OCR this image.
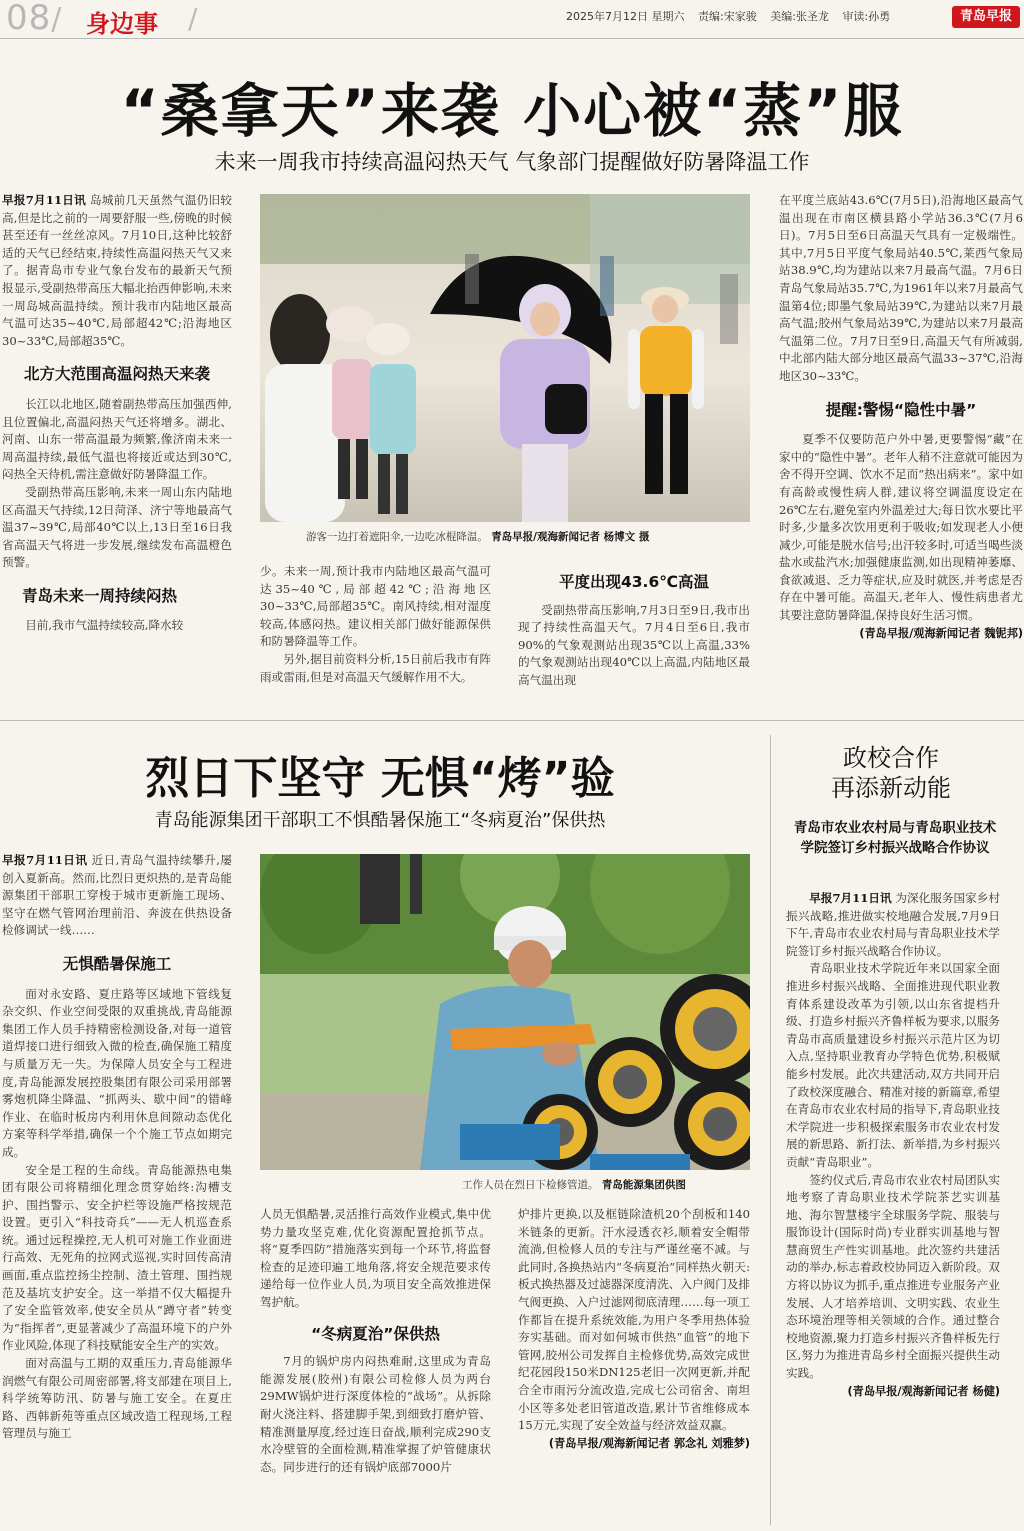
08/ 身边事 /	2025年7月12日 星期六 责编:宋家骏 美编:张圣龙 审读:孙勇	青岛早报
“桑拿天”来袭 小心被“蒸”服
未来一周我市持续高温闷热天气 气象部门提醒做好防暑降温工作

早报7月11日讯 岛城前几天虽然气温仍旧较高,但是比之前的一周要舒服一些,傍晚的时候甚至还有一丝丝凉风。7月10日,这种比较舒适的天气已经结束,持续性高温闷热天气又来了。据青岛市专业气象台发布的最新天气预报显示,受副热带高压大幅北抬西伸影响,未来一周岛城高温持续。预计我市内陆地区最高气温可达35~40℃,局部超42℃;沿海地区30~33℃,局部超35℃。

北方大范围高温闷热天来袭

长江以北地区,随着副热带高压加强西伸,且位置偏北,高温闷热天气还将增多。湖北、河南、山东一带高温最为频繁,像济南未来一周高温持续,最低气温也将接近或达到30℃,闷热全天待机,需注意做好防暑降温工作。

受副热带高压影响,未来一周山东内陆地区高温天气持续,12日菏泽、济宁等地最高气温37~39℃,局部40℃以上,13日至16日我省高温天气将进一步发展,继续发布高温橙色预警。

青岛未来一周持续闷热

目前,我市气温持续较高,降水较

游客一边打着遮阳伞,一边吃冰棍降温。 青岛早报/观海新闻记者 杨博文 摄

少。未来一周,预计我市内陆地区最高气温可达35~40℃,局部超42℃;沿海地区30~33℃,局部超35℃。南风持续,相对湿度较高,体感闷热。建议相关部门做好能源保供和防暑降温等工作。

另外,据目前资料分析,15日前后我市有阵雨或雷雨,但是对高温天气缓解作用不大。

平度出现43.6℃高温

受副热带高压影响,7月3日至9日,我市出现了持续性高温天气。7月4日至6日,我市90%的气象观测站出现35℃以上高温,33%的气象观测站出现40℃以上高温,内陆地区最高气温出现

在平度兰底站43.6℃(7月5日),沿海地区最高气温出现在市南区横县路小学站36.3℃(7月6日)。7月5日至6日高温天气具有一定极端性。其中,7月5日平度气象局站40.5℃,莱西气象局站38.9℃,均为建站以来7月最高气温。7月6日青岛气象局站35.7℃,为1961年以来7月最高气温第4位;即墨气象局站39℃,为建站以来7月最高气温;胶州气象局站39℃,为建站以来7月最高气温第二位。7月7日至9日,高温天气有所减弱,中北部内陆大部分地区最高气温33~37℃,沿海地区30~33℃。

提醒:警惕“隐性中暑”

夏季不仅要防范户外中暑,更要警惕“藏”在家中的“隐性中暑”。老年人稍不注意就可能因为舍不得开空调、饮水不足而“热出病来”。家中如有高龄或慢性病人群,建议将空调温度设定在26℃左右,避免室内外温差过大;每日饮水要比平时多,少量多次饮用更利于吸收;如发现老人小便减少,可能是脱水信号;出汗较多时,可适当喝些淡盐水或盐汽水;加强健康监测,如出现精神萎靡、食欲减退、乏力等症状,应及时就医,并考虑是否存在中暑可能。高温天,老年人、慢性病患者尤其要注意防暑降温,保持良好生活习惯。

(青岛早报/观海新闻记者 魏铌邦)
烈日下坚守 无惧“烤”验
青岛能源集团干部职工不惧酷暑保施工“冬病夏治”保供热

早报7月11日讯 近日,青岛气温持续攀升,屡创入夏新高。然而,比烈日更炽热的,是青岛能源集团干部职工穿梭于城市更新施工现场、坚守在燃气管网治理前沿、奔波在供热设备检修调试一线……

无惧酷暑保施工

面对永安路、夏庄路等区域地下管线复杂交织、作业空间受限的双重挑战,青岛能源集团工作人员手持精密检测设备,对每一道管道焊接口进行细致入微的检查,确保施工精度与质量万无一失。为保障人员安全与工程进度,青岛能源发展控股集团有限公司采用部署雾炮机降尘降温、“抓两头、歇中间”的错峰作业、在临时板房内利用休息间隙动态优化方案等科学举措,确保一个个施工节点如期完成。

安全是工程的生命线。青岛能源热电集团有限公司将精细化理念贯穿始终:沟槽支护、围挡警示、安全护栏等设施严格按规范设置。更引入“科技奇兵”——无人机巡查系统。通过远程操控,无人机可对施工作业面进行高效、无死角的拉网式巡视,实时回传高清画面,重点监控扬尘控制、渣土管理、围挡规范及基坑支护安全。这一举措不仅大幅提升了安全监管效率,使安全员从“蹲守者”转变为“指挥者”,更显著减少了高温环境下的户外作业风险,体现了科技赋能安全生产的实效。

面对高温与工期的双重压力,青岛能源华润燃气有限公司周密部署,将支部建在项目上,科学统筹防汛、防暑与施工安全。在夏庄路、西韩新苑等重点区域改造工程现场,工程管理员与施工

工作人员在烈日下检修管道。 青岛能源集团供图

人员无惧酷暑,灵活推行高效作业模式,集中优势力量攻坚克难,优化资源配置抢抓节点。将“夏季四防”措施落实到每一个环节,将监督检查的足迹印遍工地角落,将安全规范要求传递给每一位作业人员,为项目安全高效推进保驾护航。

“冬病夏治”保供热

7月的锅炉房内闷热难耐,这里成为青岛能源发展(胶州)有限公司检修人员为两台29MW锅炉进行深度体检的“战场”。从拆除耐火浇注料、搭建脚手架,到细致打磨炉管、精准测量厚度,经过连日奋战,顺利完成290支水冷壁管的全面检测,精准掌握了炉管健康状态。同步进行的还有锅炉底部7000片

炉排片更换,以及框链除渣机20个刮板和140米链条的更新。汗水浸透衣衫,顺着安全帽带流淌,但检修人员的专注与严谨丝毫不减。与此同时,各换热站内“冬病夏治”同样热火朝天:板式换热器及过滤器深度清洗、入户阀门及排气阀更换、入户过滤网彻底清理……每一项工作都旨在提升系统效能,为用户冬季用热体验夯实基础。而对如何城市供热“血管”的地下管网,胶州公司发挥自主检修优势,高效完成世纪花园段150米DN125老旧一次网更新,并配合全市雨污分流改造,完成七公司宿舍、南坦小区等多处老旧管道改造,累计节省维修成本15万元,实现了安全效益与经济效益双赢。

(青岛早报/观海新闻记者 郭念礼 刘雅梦)
政校合作
再添新动能
青岛市农业农村局与青岛职业技术学院签订乡村振兴战略合作协议

早报7月11日讯 为深化服务国家乡村振兴战略,推进做实校地融合发展,7月9日下午,青岛市农业农村局与青岛职业技术学院签订乡村振兴战略合作协议。

青岛职业技术学院近年来以国家全面推进乡村振兴战略、全面推进现代职业教育体系建设改革为引领,以山东省提档升级、打造乡村振兴齐鲁样板为要求,以服务青岛市高质量建设乡村振兴示范片区为切入点,坚持职业教育办学特色优势,积极赋能乡村发展。此次共建活动,双方共同开启了政校深度融合、精准对接的新篇章,希望在青岛市农业农村局的指导下,青岛职业技术学院进一步积极探索服务市农业农村发展的新思路、新打法、新举措,为乡村振兴贡献“青岛职业”。

签约仪式后,青岛市农业农村局团队实地考察了青岛职业技术学院茶艺实训基地、海尔智慧楼宇全球服务学院、服装与服饰设计(国际时尚)专业群实训基地与智慧商贸生产性实训基地。此次签约共建活动的举办,标志着政校协同迈入新阶段。双方将以协议为抓手,重点推进专业服务产业发展、人才培养培训、文明实践、农业生态环境治理等相关领域的合作。通过整合校地资源,聚力打造乡村振兴齐鲁样板先行区,努力为推进青岛乡村全面振兴提供生动实践。

(青岛早报/观海新闻记者 杨健)
